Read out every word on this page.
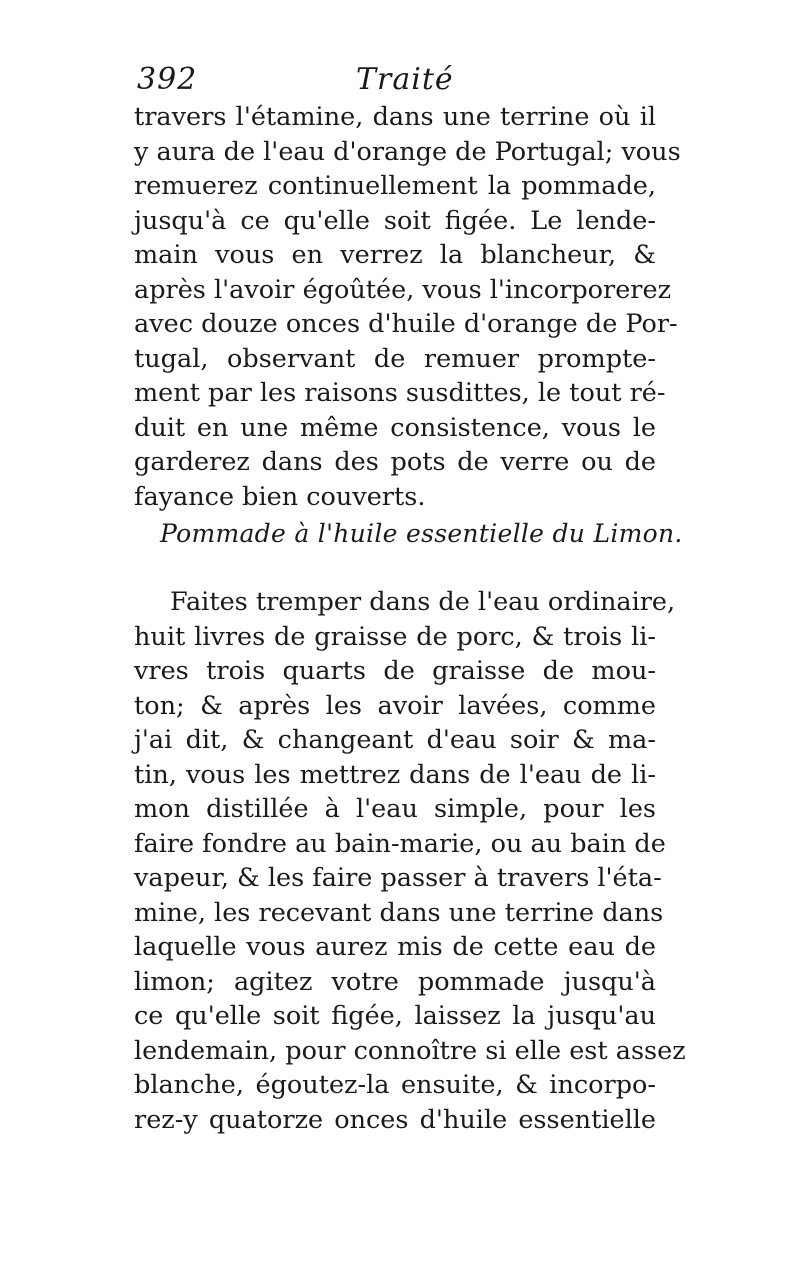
392	Traité
travers l'étamine, dans une terrine où il
y aura de l'eau d'orange de Portugal; vous
remuerez continuellement la pommade,
jusqu'à ce qu'elle soit figée. Le lende-
main vous en verrez la blancheur, &
après l'avoir égoûtée, vous l'incorporerez
avec douze onces d'huile d'orange de Por-
tugal, observant de remuer prompte-
ment par les raisons susdittes, le tout ré-
duit en une même consistence, vous le
garderez dans des pots de verre ou de
fayance bien couverts.
Pommade à l'huile essentielle du Limon.
Faites tremper dans de l'eau ordinaire,
huit livres de graisse de porc, & trois li-
vres trois quarts de graisse de mou-
ton; & après les avoir lavées, comme
j'ai dit, & changeant d'eau soir & ma-
tin, vous les mettrez dans de l'eau de li-
mon distillée à l'eau simple, pour les
faire fondre au bain-marie, ou au bain de
vapeur, & les faire passer à travers l'éta-
mine, les recevant dans une terrine dans
laquelle vous aurez mis de cette eau de
limon; agitez votre pommade jusqu'à
ce qu'elle soit figée, laissez la jusqu'au
lendemain, pour connoître si elle est assez
blanche, égoutez-la ensuite, & incorpo-
rez-y quatorze onces d'huile essentielle
